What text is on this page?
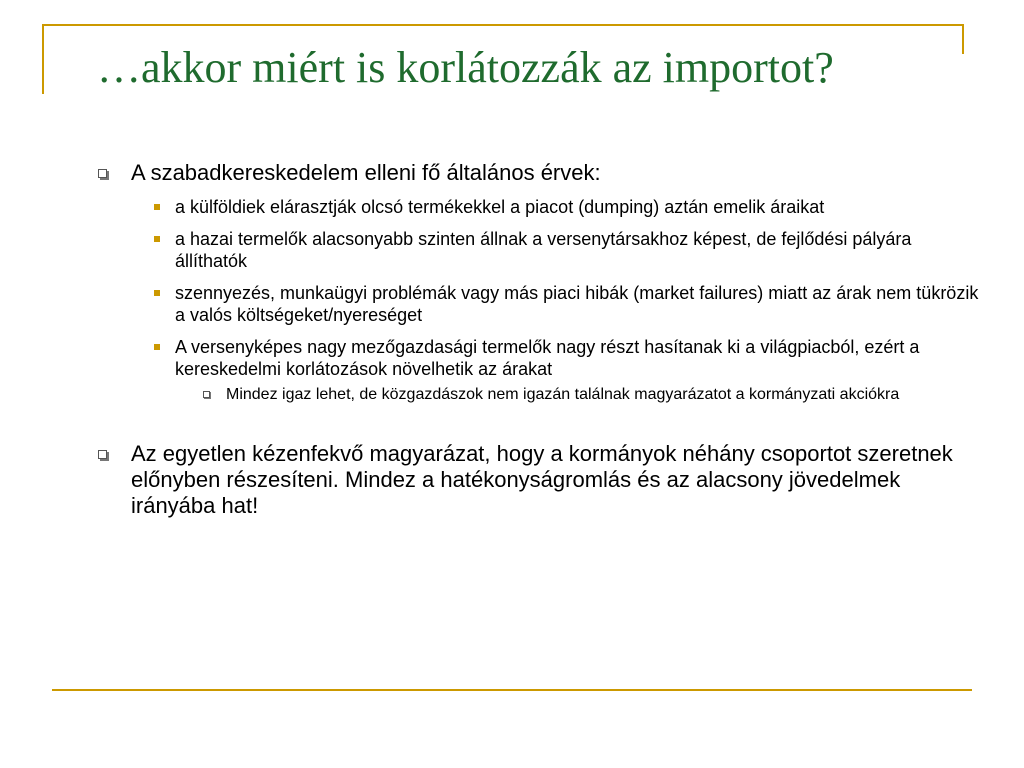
…akkor miért is korlátozzák az importot?
A szabadkereskedelem elleni fő általános érvek:
a külföldiek elárasztják olcsó termékekkel a piacot (dumping) aztán emelik áraikat
a hazai termelők alacsonyabb szinten állnak a versenytársakhoz képest, de fejlődési pályára állíthatók
szennyezés, munkaügyi problémák vagy más piaci hibák (market failures) miatt az árak nem tükrözik a valós költségeket/nyereséget
A versenyképes nagy mezőgazdasági termelők nagy részt hasítanak ki a világpiacból, ezért a kereskedelmi korlátozások növelhetik az árakat
Mindez igaz lehet, de közgazdászok nem igazán találnak magyarázatot a kormányzati akciókra
Az egyetlen kézenfekvő magyarázat, hogy a kormányok néhány csoportot szeretnek előnyben részesíteni. Mindez a hatékonyságromlás és az alacsony jövedelmek irányába hat!
